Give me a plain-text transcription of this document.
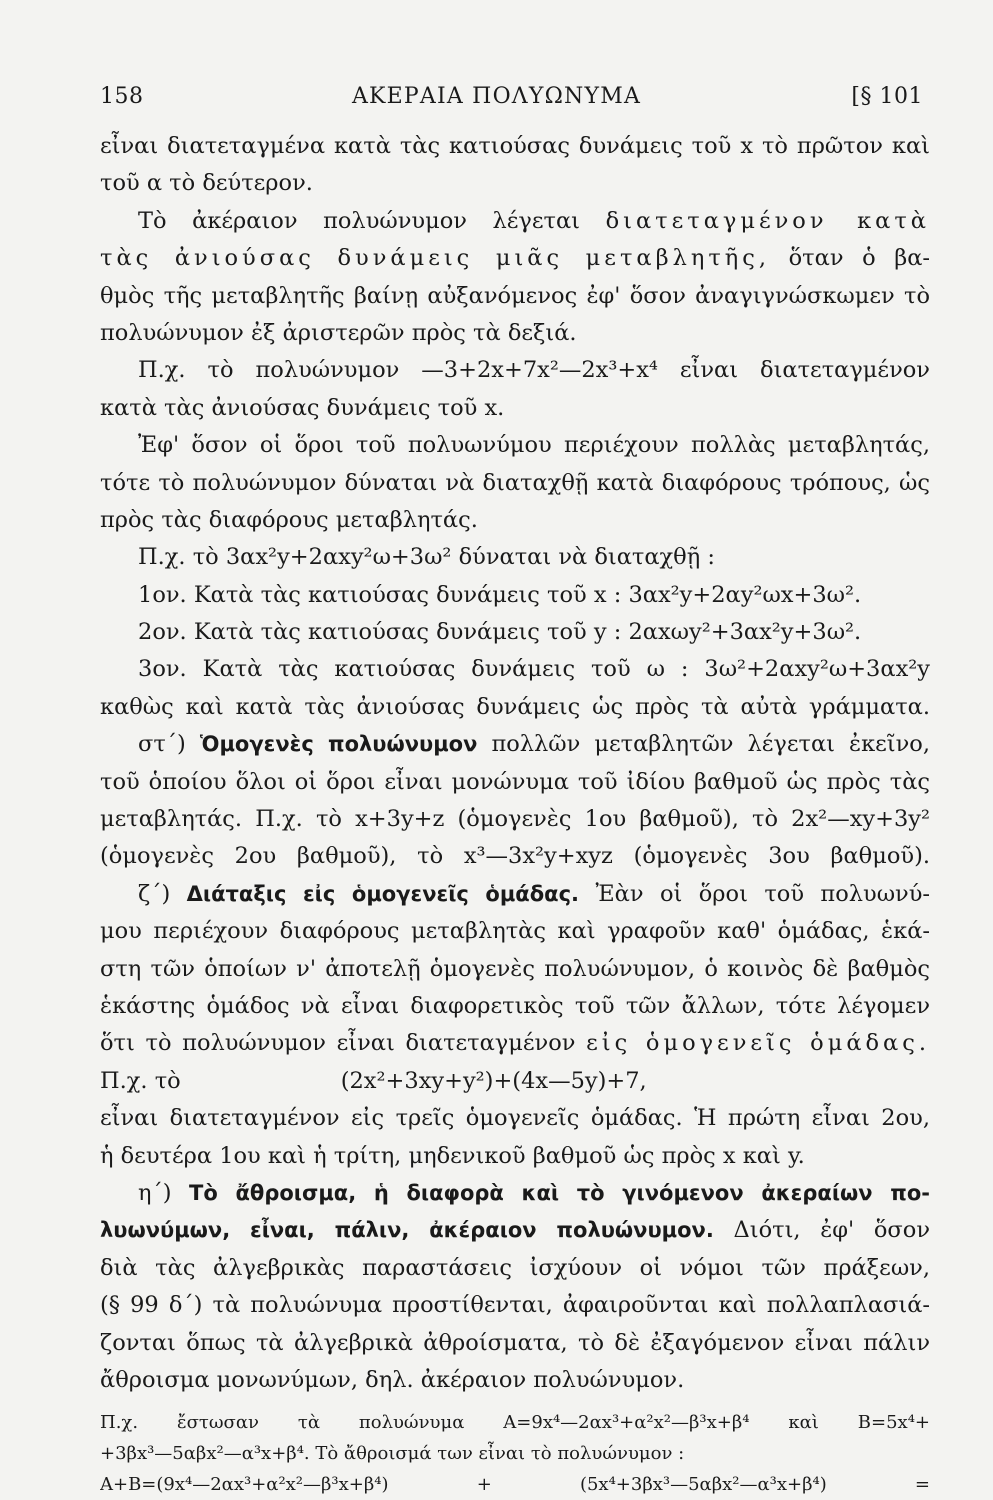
158	ΑΚΕΡΑΙΑ ΠΟΛΥΩΝΥΜΑ	[§ 101
εἶναι διατεταγμένα κατὰ τὰς κατιούσας δυνάμεις τοῦ x τὸ πρῶτον καὶ
τοῦ α τὸ δεύτερον.
Τὸ ἀκέραιον πολυώνυμον λέγεται διατεταγμένον κατὰ
τὰς ἀνιούσας δυνάμεις μιᾶς μεταβλητῆς, ὅταν ὁ βα-
θμὸς τῆς μεταβλητῆς βαίνῃ αὐξανόμενος ἐφ' ὅσον ἀναγιγνώσκωμεν τὸ
πολυώνυμον ἐξ ἀριστερῶν πρὸς τὰ δεξιά.
Π.χ. τὸ πολυώνυμον —3+2x+7x²—2x³+x⁴ εἶναι διατεταγμένον
κατὰ τὰς ἀνιούσας δυνάμεις τοῦ x.
Ἐφ' ὅσον οἱ ὅροι τοῦ πολυωνύμου περιέχουν πολλὰς μεταβλητάς,
τότε τὸ πολυώνυμον δύναται νὰ διαταχθῇ κατὰ διαφόρους τρόπους, ὡς
πρὸς τὰς διαφόρους μεταβλητάς.
Π.χ. τὸ 3αx²y+2αxy²ω+3ω² δύναται νὰ διαταχθῇ :
1ον. Κατὰ τὰς κατιούσας δυνάμεις τοῦ x : 3αx²y+2αy²ωx+3ω².
2ον. Κατὰ τὰς κατιούσας δυνάμεις τοῦ y : 2αxωy²+3αx²y+3ω².
3ον. Κατὰ τὰς κατιούσας δυνάμεις τοῦ ω : 3ω²+2αxy²ω+3αx²y
καθὼς καὶ κατὰ τὰς ἀνιούσας δυνάμεις ὡς πρὸς τὰ αὐτὰ γράμματα.
στ΄) Ὁμογενὲς πολυώνυμον πολλῶν μεταβλητῶν λέγεται ἐκεῖνο,
τοῦ ὁποίου ὅλοι οἱ ὅροι εἶναι μονώνυμα τοῦ ἰδίου βαθμοῦ ὡς πρὸς τὰς
μεταβλητάς. Π.χ. τὸ x+3y+z (ὁμογενὲς 1ου βαθμοῦ), τὸ 2x²—xy+3y²
(ὁμογενὲς 2ου βαθμοῦ), τὸ x³—3x²y+xyz (ὁμογενὲς 3ου βαθμοῦ).
ζ΄) Διάταξις εἰς ὁμογενεῖς ὁμάδας. Ἐὰν οἱ ὅροι τοῦ πολυωνύ-
μου περιέχουν διαφόρους μεταβλητὰς καὶ γραφοῦν καθ' ὁμάδας, ἑκά-
στη τῶν ὁποίων ν' ἀποτελῇ ὁμογενὲς πολυώνυμον, ὁ κοινὸς δὲ βαθμὸς
ἑκάστης ὁμάδος νὰ εἶναι διαφορετικὸς τοῦ τῶν ἄλλων, τότε λέγομεν
ὅτι τὸ πολυώνυμον εἶναι διατεταγμένον εἰς ὁμογενεῖς ὁμάδας.
Π.χ. τὸ	(2x²+3xy+y²)+(4x—5y)+7,
εἶναι διατεταγμένον εἰς τρεῖς ὁμογενεῖς ὁμάδας. Ἡ πρώτη εἶναι 2ου,
ἡ δευτέρα 1ου καὶ ἡ τρίτη, μηδενικοῦ βαθμοῦ ὡς πρὸς x καὶ y.
η΄) Τὸ ἄθροισμα, ἡ διαφορὰ καὶ τὸ γινόμενον ἀκεραίων πο-
λυωνύμων, εἶναι, πάλιν, ἀκέραιον πολυώνυμον. Διότι, ἐφ' ὅσον
διὰ τὰς ἀλγεβρικὰς παραστάσεις ἰσχύουν οἱ νόμοι τῶν πράξεων,
(§ 99 δ΄) τὰ πολυώνυμα προστίθενται, ἀφαιροῦνται καὶ πολλαπλασιά-
ζονται ὅπως τὰ ἀλγεβρικὰ ἀθροίσματα, τὸ δὲ ἐξαγόμενον εἶναι πάλιν
ἄθροισμα μονωνύμων, δηλ. ἀκέραιον πολυώνυμον.
Π.χ. ἔστωσαν τὰ πολυώνυμα A=9x⁴—2αx³+α²x²—β³x+β⁴ καὶ B=5x⁴+
+3βx³—5αβx²—α³x+β⁴. Τὸ ἄθροισμά των εἶναι τὸ πολυώνυμον :
A+B=(9x⁴—2αx³+α²x²—β³x+β⁴) + (5x⁴+3βx³—5αβx²—α³x+β⁴) =
